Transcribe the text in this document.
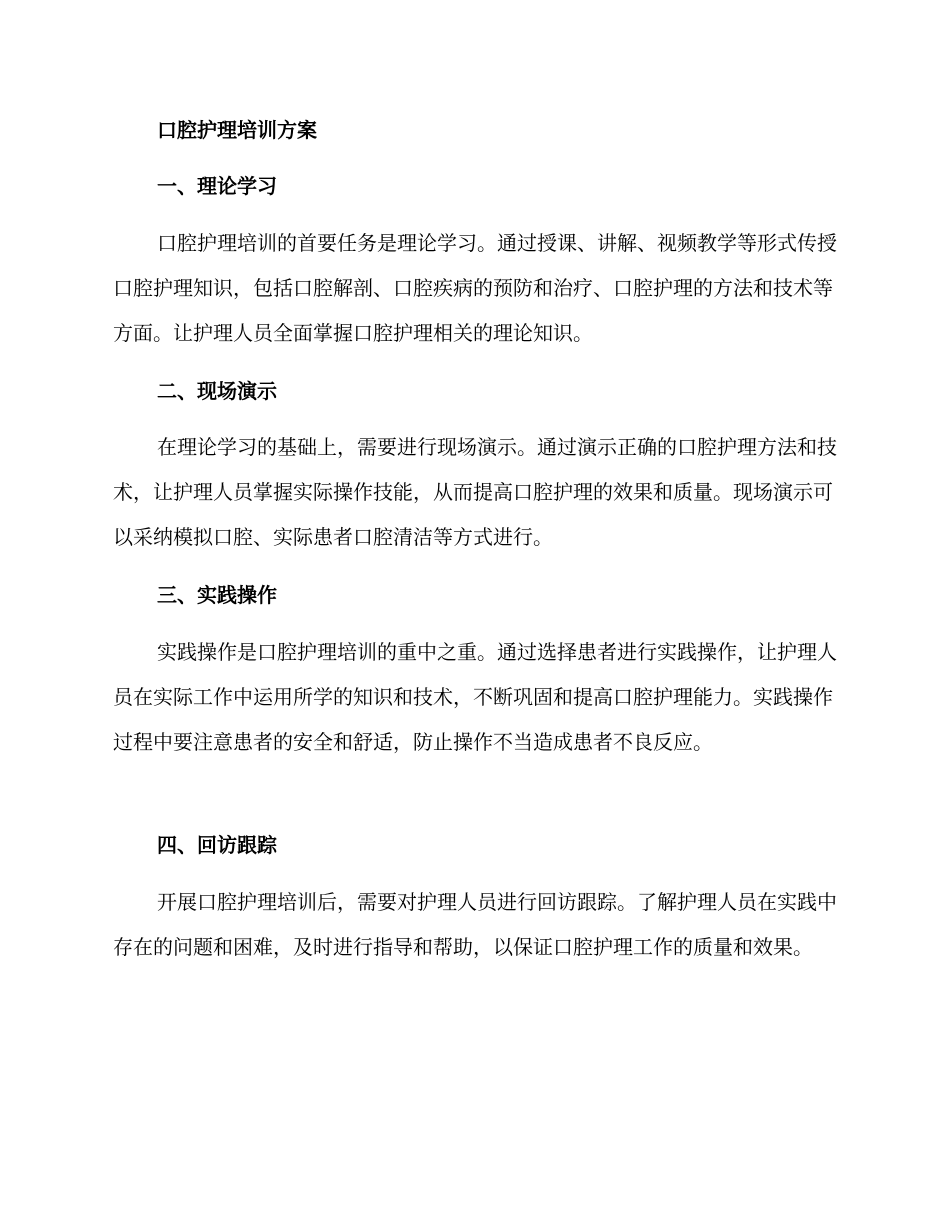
口腔护理培训方案
一、理论学习

口腔护理培训的首要任务是理论学习。通过授课、讲解、视频教学等形式传授口腔护理知识，包括口腔解剖、口腔疾病的预防和治疗、口腔护理的方法和技术等方面。让护理人员全面掌握口腔护理相关的理论知识。

二、现场演示

在理论学习的基础上，需要进行现场演示。通过演示正确的口腔护理方法和技术，让护理人员掌握实际操作技能，从而提高口腔护理的效果和质量。现场演示可以采纳模拟口腔、实际患者口腔清洁等方式进行。

三、实践操作

实践操作是口腔护理培训的重中之重。通过选择患者进行实践操作，让护理人员在实际工作中运用所学的知识和技术，不断巩固和提高口腔护理能力。实践操作过程中要注意患者的安全和舒适，防止操作不当造成患者不良反应。

四、回访跟踪

开展口腔护理培训后，需要对护理人员进行回访跟踪。了解护理人员在实践中存在的问题和困难，及时进行指导和帮助，以保证口腔护理工作的质量和效果。
